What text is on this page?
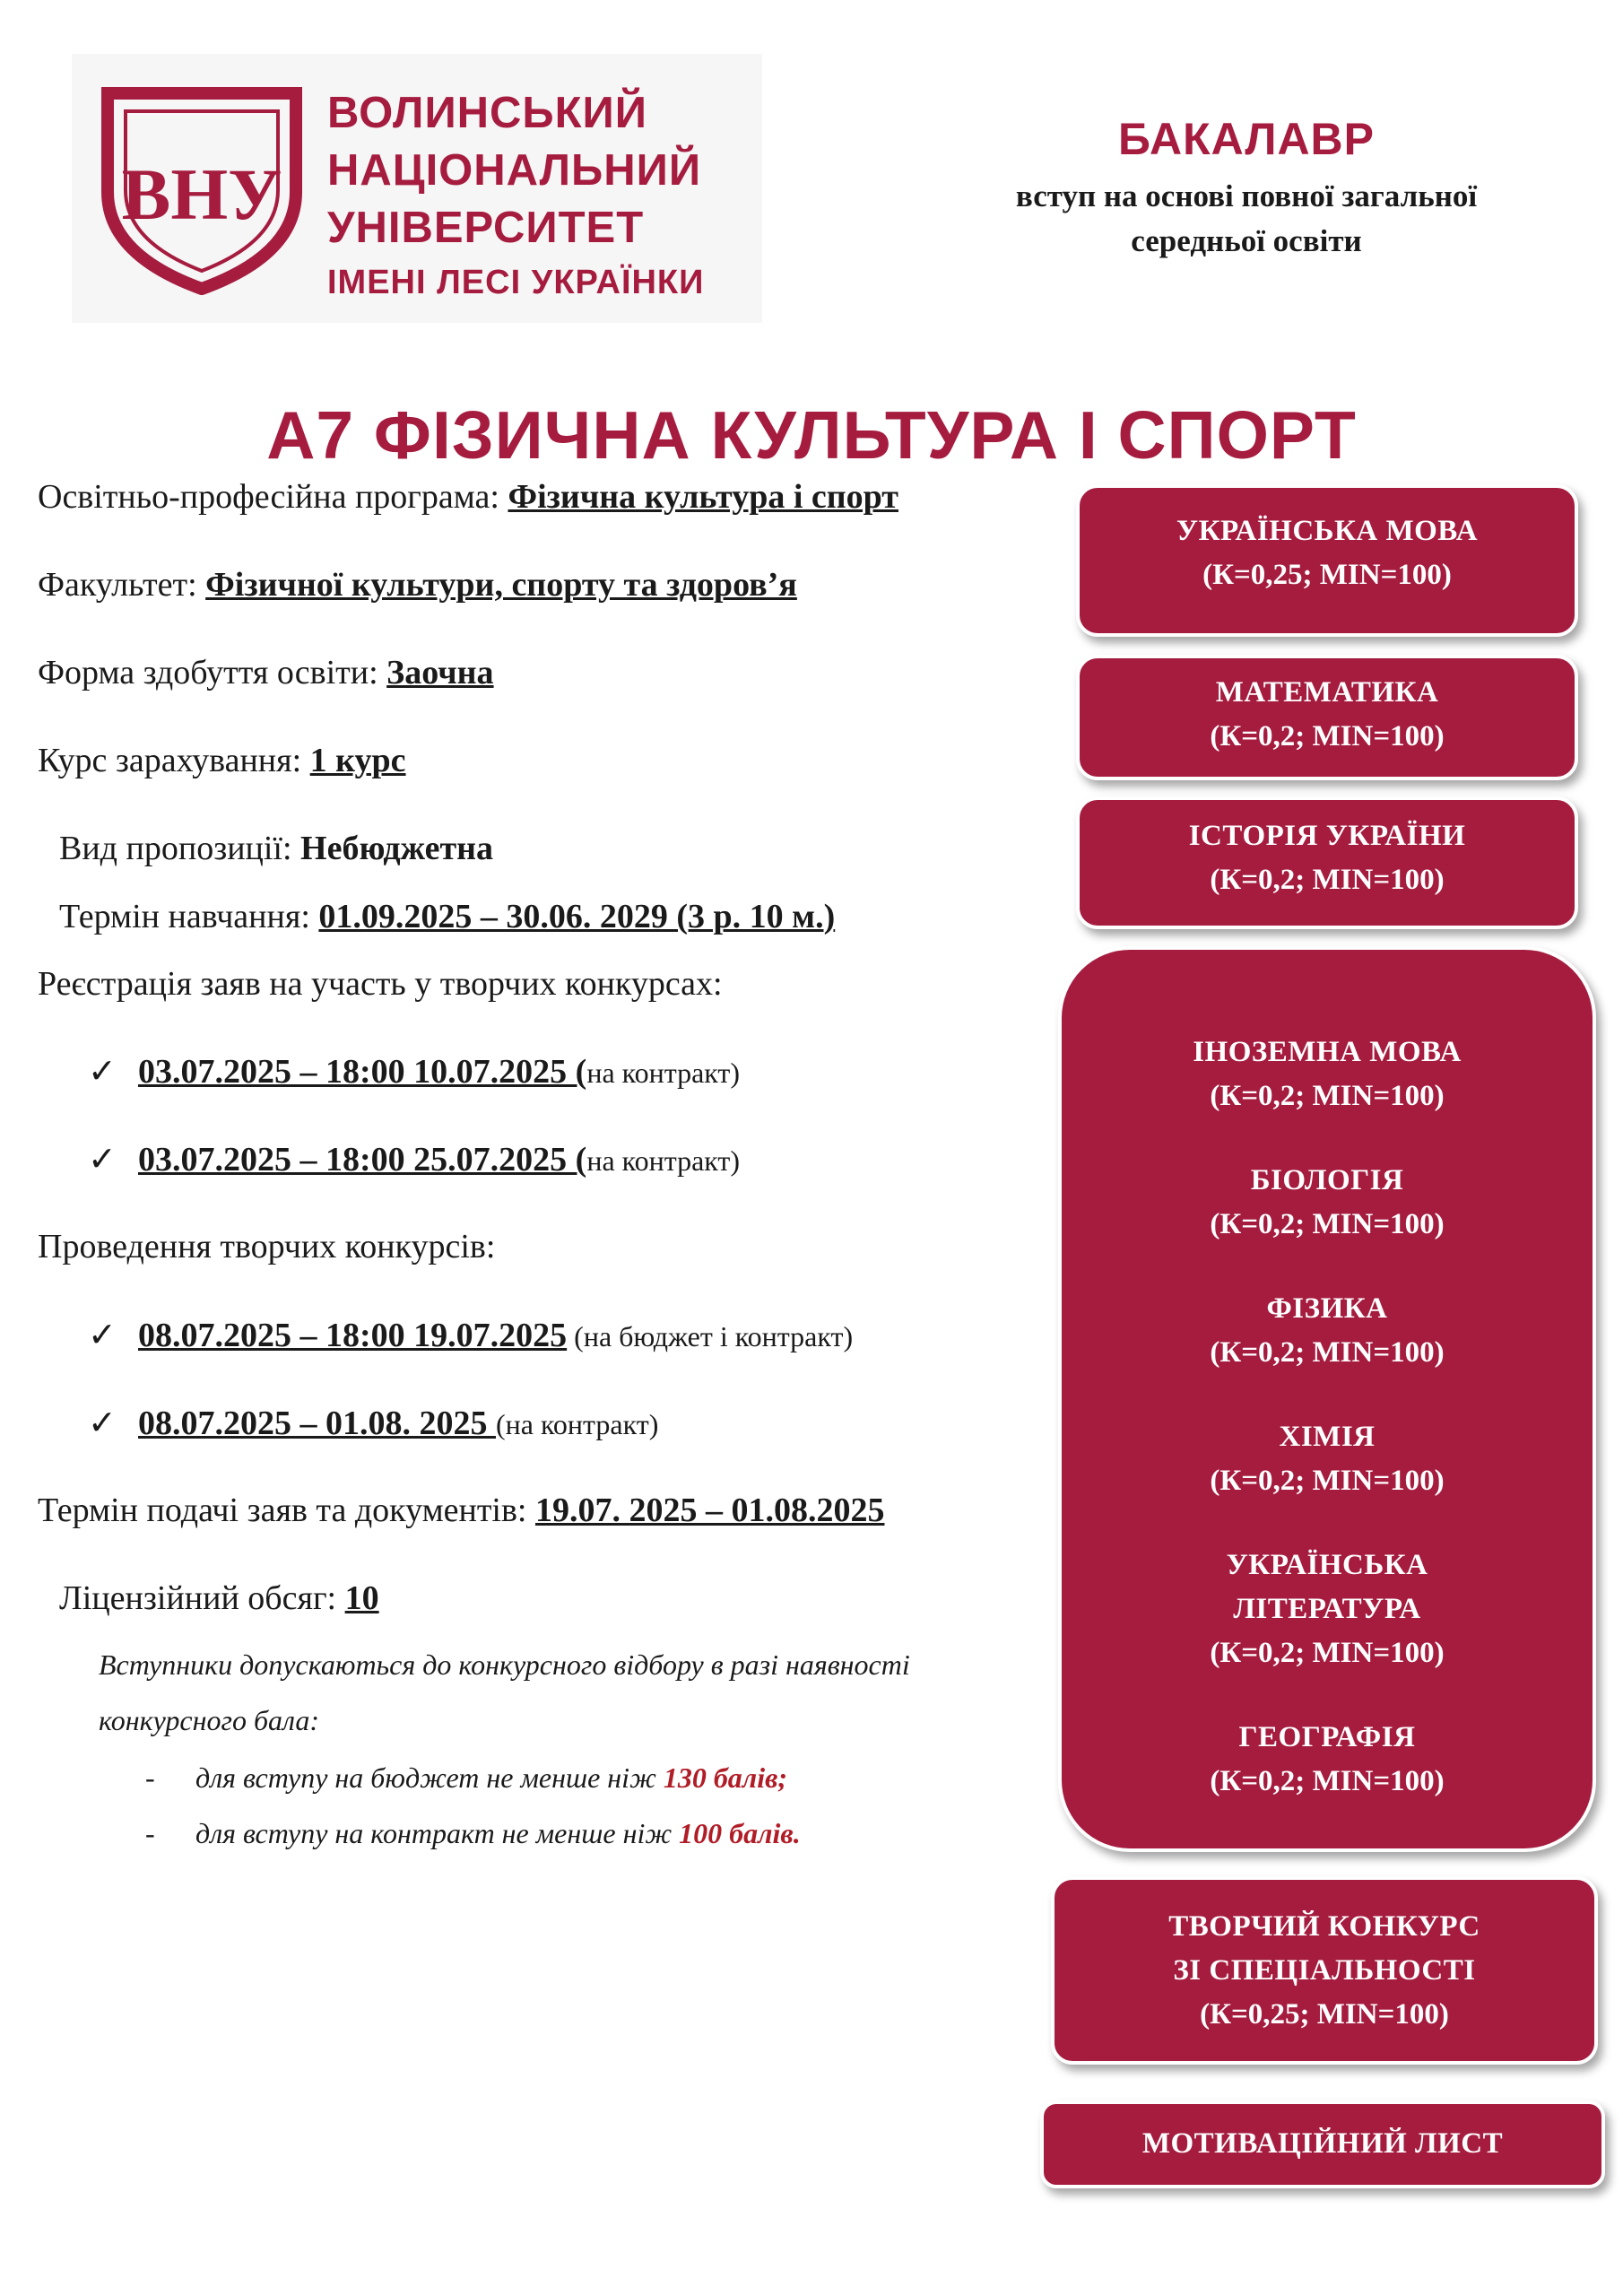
ВНУ
ВОЛИНСЬКИЙ
НАЦІОНАЛЬНИЙ
УНІВЕРСИТЕТ
ІМЕНІ ЛЕСІ УКРАЇНКИ
БАКАЛАВР
вступ на основі повної загальної
середньої освіти
А7 ФІЗИЧНА КУЛЬТУРА І СПОРТ
Освітньо-професійна програма: Фізична культура і спорт
Факультет: Фізичної культури, спорту та здоров’я
Форма здобуття освіти: Заочна
Курс зарахування: 1 курс
Вид пропозиції: Небюджетна
Термін навчання: 01.09.2025 – 30.06. 2029 (3 р. 10 м.)
Реєстрація заяв на участь у творчих конкурсах:
✓ 03.07.2025 – 18:00 10.07.2025 (на контракт)
✓ 03.07.2025 – 18:00 25.07.2025 (на контракт)
Проведення творчих конкурсів:
✓ 08.07.2025 – 18:00 19.07.2025 (на бюджет і контракт)
✓ 08.07.2025 – 01.08. 2025 (на контракт)
Термін подачі заяв та документів: 19.07. 2025 – 01.08.2025
Ліцензійний обсяг: 10
Вступники допускаються до конкурсного відбору в разі наявності
конкурсного бала:
- для вступу на бюджет не менше ніж 130 балів;
- для вступу на контракт не менше ніж 100 балів.
УКРАЇНСЬКА МОВА
(К=0,25; MIN=100)
МАТЕМАТИКА
(К=0,2; MIN=100)
ІСТОРІЯ УКРАЇНИ
(К=0,2; MIN=100)
ІНОЗЕМНА МОВА
(К=0,2; MIN=100)
БІОЛОГІЯ
(К=0,2; MIN=100)
ФІЗИКА
(К=0,2; MIN=100)
ХІМІЯ
(К=0,2; MIN=100)
УКРАЇНСЬКА
ЛІТЕРАТУРА
(К=0,2; MIN=100)
ГЕОГРАФІЯ
(К=0,2; MIN=100)
ТВОРЧИЙ КОНКУРС
ЗІ СПЕЦІАЛЬНОСТІ
(К=0,25; MIN=100)
МОТИВАЦІЙНИЙ ЛИСТ
